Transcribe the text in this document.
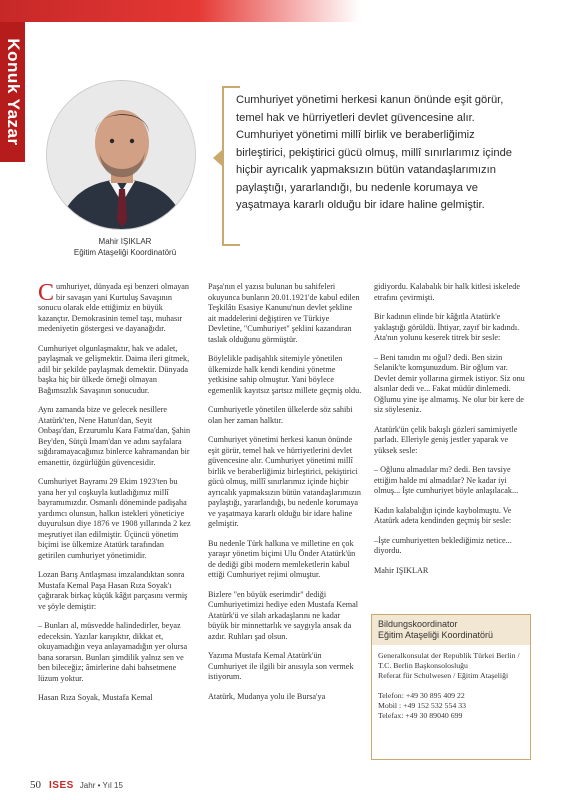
Konuk Yazar
Mahir IŞIKLAR
Eğitim Ataşeliği Koordinatörü
Cumhuriyet yönetimi herkesi kanun önünde eşit görür, temel hak ve hürriyetleri devlet güvencesine alır. Cumhuriyet yönetimi millî birlik ve beraberliğimiz birleştirici, pekiştirici gücü olmuş, millî sınırlarımız içinde hiçbir ayrıcalık yapmaksızın bütün vatandaşlarımızın paylaştığı, yararlandığı, bu nedenle korumaya ve yaşatmaya kararlı olduğu bir idare haline gelmiştir.

Cumhuriyet, dünyada eşi benzeri olmayan bir savaşın yani Kurtuluş Savaşının sonucu olarak elde ettiğimiz en büyük kazançtır. Demokrasinin temel taşı, muhasır medeniyetin göstergesi ve dayanağıdır.

Cumhuriyet olgunlaşmaktır, hak ve adalet, paylaşmak ve gelişmektir. Daima ileri gitmek, adil bir şekilde paylaşmak demektir. Dünyada başka hiç bir ülkede örneği olmayan Bağımsızlık Savaşının sonucudur.

Aynı zamanda bize ve gelecek nesillere Atatürk'ten, Nene Hatun'dan, Seyit Onbaşı'dan, Erzurumlu Kara Fatma'dan, Şahin Bey'den, Sütçü İmam'dan ve adını sayfalara sığdıramayacağımız binlerce kahramandan bir emanettir, özgürlüğün güvencesidir.

Cumhuriyet Bayramı 29 Ekim 1923'ten bu yana her yıl coşkuyla kutladığımız millî bayramımızdır. Osmanlı döneminde padişaha yardımcı olunsun, halkın istekleri yöneticiye duyurulsun diye 1876 ve 1908 yıllarında 2 kez meşrutiyet ilan edilmiştir. Üçüncü yönetim biçimi ise ülkemize Atatürk tarafından getirilen cumhuriyet yönetimidir.

Lozan Barış Antlaşması imzalandıktan sonra Mustafa Kemal Paşa Hasan Rıza Soyak'ı çağırarak birkaç küçük kâğıt parçasını vermiş ve şöyle demiştir:

– Bunları al, müsvedde halindedirler, beyaz edeceksin. Yazılar karışıktır, dikkat et, okuyamadığın veya anlayamadığın yer olursa bana sorarsın. Bunları şimdilik yalnız sen ve ben bileceğiz; âmirlerine dahi bahsetmene lüzum yoktur.

Hasan Rıza Soyak, Mustafa Kemal

Paşa'nın el yazısı bulunan bu sahifeleri okuyunca bunların 20.01.1921'de kabul edilen Teşkilâtı Esasiye Kanunu'nun devlet şekline ait maddelerini değiştiren ve Türkiye Devletine, "Cumhuriyet" şeklini kazandıran taslak olduğunu görmüştür.

Böylelikle padişahlık sitemiyle yönetilen ülkemizde halk kendi kendini yönetme yetkisine sahip olmuştur. Yani böylece egemenlik kayıtsız şartsız millete geçmiş oldu.

Cumhuriyetle yönetilen ülkelerde söz sahibi olan her zaman halktır.

Cumhuriyet yönetimi herkesi kanun önünde eşit görür, temel hak ve hürriyetlerini devlet güvencesine alır. Cumhuriyet yönetimi millî birlik ve beraberliğimiz birleştirici, pekiştirici gücü olmuş, millî sınırlarımız içinde hiçbir ayrıcalık yapmaksızın bütün vatandaşlarımızın paylaştığı, yararlandığı, bu nedenle korumaya ve yaşatmaya kararlı olduğu bir idare haline gelmiştir.

Bu nedenle Türk halkına ve milletine en çok yaraşır yönetim biçimi Ulu Önder Atatürk'ün de dediği gibi modern memleketlerin kabul ettiği Cumhuriyet rejimi olmuştur.

Bizlere "en büyük eserimdir" dediği Cumhuriyetimizi hediye eden Mustafa Kemal Atatürk'ü ve silah arkadaşlarını ne kadar büyük bir minnettarlık ve saygıyla ansak da azdır. Ruhları şad olsun.

Yazıma Mustafa Kemal Atatürk'ün Cumhuriyet ile ilgili bir anısıyla son vermek istiyorum.

Atatürk, Mudanya yolu ile Bursa'ya

gidiyordu. Kalabalık bir halk kitlesi iskelede etrafını çevirmişti.

Bir kadının elinde bir kâğıtla Atatürk'e yaklaştığı görüldü. İhtiyar, zayıf bir kadındı. Ata'nın yolunu keserek titrek bir sesle:

– Beni tanıdın mı oğul? dedi. Ben sizin Selanik'te komşunuzdum. Bir oğlum var. Devlet demir yollarına girmek istiyor. Siz onu alsınlar dedi ve... Fakat müdür dinlemedi. Oğlumu yine işe almamış. Ne olur bir kere de siz söyleseniz.

Atatürk'ün çelik bakışlı gözleri samimiyetle parladı. Elleriyle geniş jestler yaparak ve yüksek sesle:

– Oğlunu almadılar mı? dedi. Ben tavsiye ettiğim halde mi almadılar? Ne kadar iyi olmuş... İşte cumhuriyet böyle anlaşılacak...

Kadın kalabalığın içinde kaybolmuştu. Ve Atatürk adeta kendinden geçmiş bir sesle:

–İşte cumhuriyetten beklediğimiz netice... diyordu.

Mahir IŞIKLAR

Bildungskoordinator
Eğitim Ataşeliği Koordinatörü
Generalkonsulat der Republik Türkei Berlin / T.C. Berlin Başkonsolosluğu
Referat für Schulwesen / Eğitim Ataşeliği
Telefon: +49 30 895 409 22
Mobil : +49 152 532 554 33
Telefax: +49 30 89040 699
50 ISES Jahr • Yıl 15
